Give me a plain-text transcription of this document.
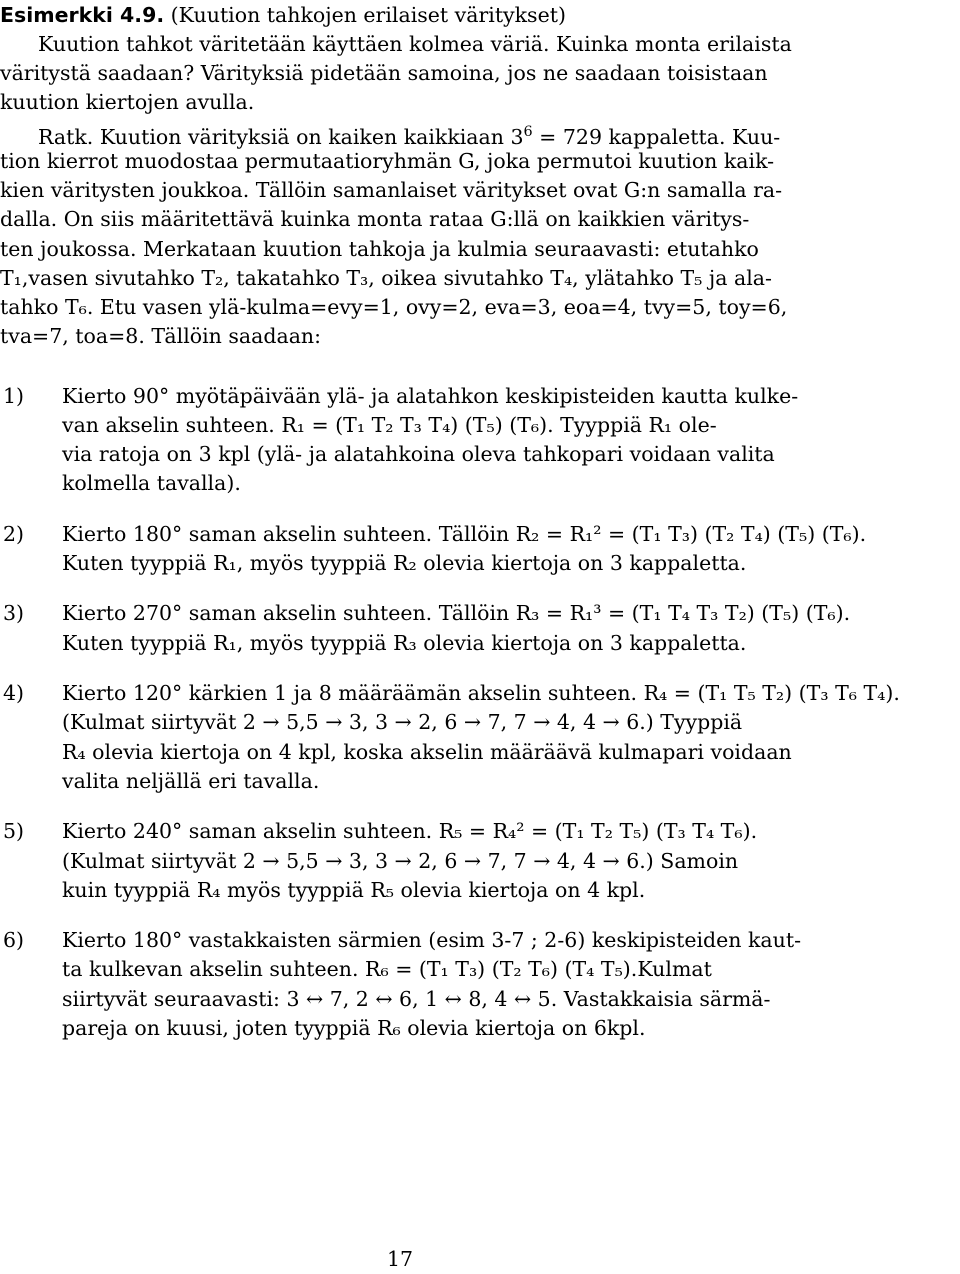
Esimerkki 4.9. (Kuution tahkojen erilaiset väritykset)
Kuution tahkot väritetään käyttäen kolmea väriä. Kuinka monta erilaista
väritystä saadaan? Värityksiä pidetään samoina, jos ne saadaan toisistaan
kuution kiertojen avulla.
Ratk. Kuution värityksiä on kaiken kaikkiaan $3^6 = 729$ kappaletta. Kuu-
tion kierrot muodostaa permutaatioryhmän G, joka permutoi kuution kaik-
kien väritysten joukkoa. Tällöin samanlaiset väritykset ovat G:n samalla ra-
dalla. On siis määritettävä kuinka monta rataa G:llä on kaikkien väritys-
ten joukossa. Merkataan kuution tahkoja ja kulmia seuraavasti: etutahko
T₁,vasen sivutahko T₂, takatahko T₃, oikea sivutahko T₄, ylätahko T₅ ja ala-
tahko T₆. Etu vasen ylä-kulma=evy=1, ovy=2, eva=3, eoa=4, tvy=5, toy=6,
tva=7, toa=8. Tällöin saadaan:
1) Kierto 90° myötäpäivään ylä- ja alatahkon keskipisteiden kautta kulke-
van akselin suhteen. R₁ = (T₁ T₂ T₃ T₄) (T₅) (T₆). Tyyppiä R₁ ole-
via ratoja on 3 kpl (ylä- ja alatahkoina oleva tahkopari voidaan valita
kolmella tavalla).
2) Kierto 180° saman akselin suhteen. Tällöin R₂ = R₁² = (T₁ T₃) (T₂ T₄) (T₅) (T₆).
Kuten tyyppiä R₁, myös tyyppiä R₂ olevia kiertoja on 3 kappaletta.
3) Kierto 270° saman akselin suhteen. Tällöin R₃ = R₁³ = (T₁ T₄ T₃ T₂) (T₅) (T₆).
Kuten tyyppiä R₁, myös tyyppiä R₃ olevia kiertoja on 3 kappaletta.
4) Kierto 120° kärkien 1 ja 8 määräämän akselin suhteen. R₄ = (T₁ T₅ T₂) (T₃ T₆ T₄).
(Kulmat siirtyvät 2 → 5,5 → 3, 3 → 2, 6 → 7, 7 → 4, 4 → 6.) Tyyppiä
R₄ olevia kiertoja on 4 kpl, koska akselin määräävä kulmapari voidaan
valita neljällä eri tavalla.
5) Kierto 240° saman akselin suhteen. R₅ = R₄² = (T₁ T₂ T₅) (T₃ T₄ T₆).
(Kulmat siirtyvät 2 → 5,5 → 3, 3 → 2, 6 → 7, 7 → 4, 4 → 6.) Samoin
kuin tyyppiä R₄ myös tyyppiä R₅ olevia kiertoja on 4 kpl.
6) Kierto 180° vastakkaisten särmien (esim 3-7 ; 2-6) keskipisteiden kaut-
ta kulkevan akselin suhteen. R₆ = (T₁ T₃) (T₂ T₆) (T₄ T₅).Kulmat
siirtyvät seuraavasti: 3 ↔ 7, 2 ↔ 6, 1 ↔ 8, 4 ↔ 5. Vastakkaisia särmä-
pareja on kuusi, joten tyyppiä R₆ olevia kiertoja on 6kpl.
17
